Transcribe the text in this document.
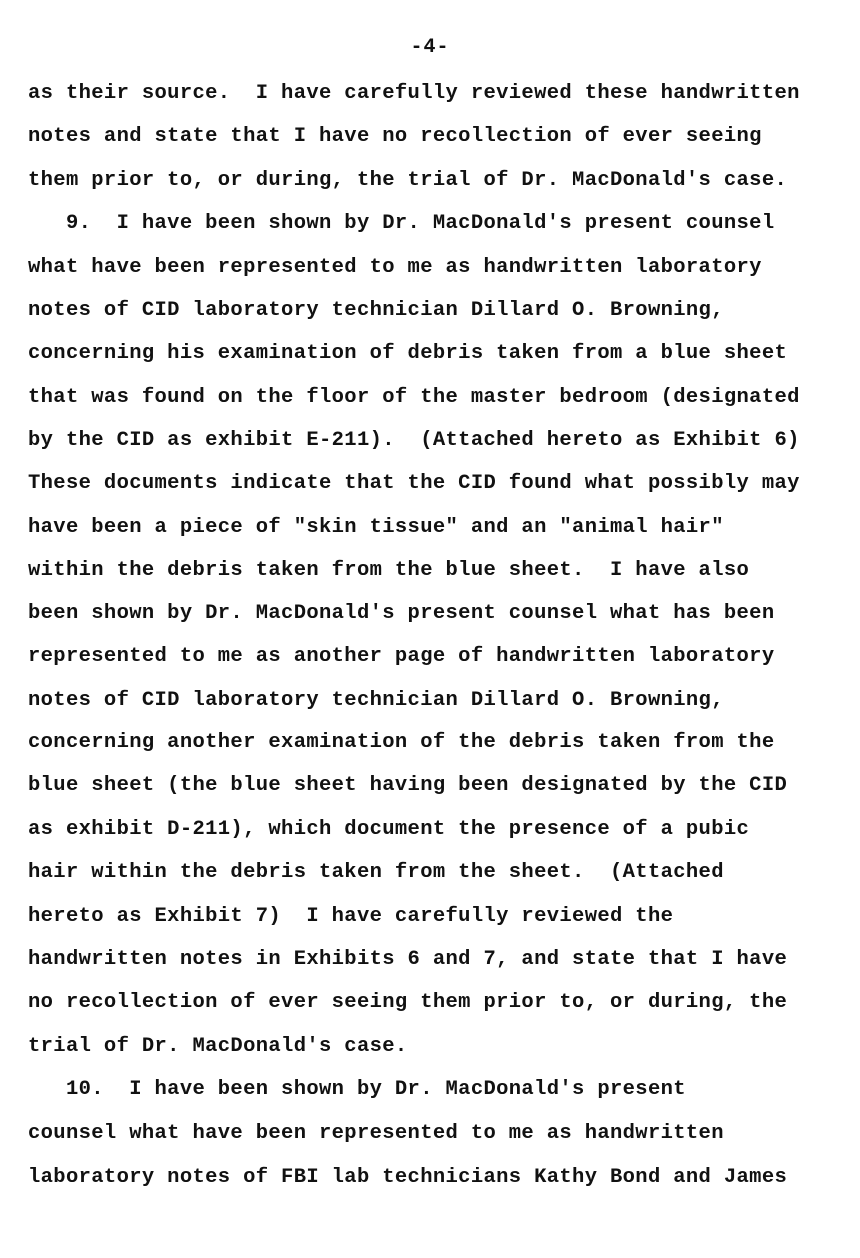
-4-
as their source.  I have carefully reviewed these handwritten
notes and state that I have no recollection of ever seeing
them prior to, or during, the trial of Dr. MacDonald's case.
9.  I have been shown by Dr. MacDonald's present counsel
what have been represented to me as handwritten laboratory
notes of CID laboratory technician Dillard O. Browning,
concerning his examination of debris taken from a blue sheet
that was found on the floor of the master bedroom (designated
by the CID as exhibit E-211).  (Attached hereto as Exhibit 6)
These documents indicate that the CID found what possibly may
have been a piece of "skin tissue" and an "animal hair"
within the debris taken from the blue sheet.  I have also
been shown by Dr. MacDonald's present counsel what has been
represented to me as another page of handwritten laboratory
notes of CID laboratory technician Dillard O. Browning,
concerning another examination of the debris taken from the
blue sheet (the blue sheet having been designated by the CID
as exhibit D-211), which document the presence of a pubic
hair within the debris taken from the sheet.  (Attached
hereto as Exhibit 7)  I have carefully reviewed the
handwritten notes in Exhibits 6 and 7, and state that I have
no recollection of ever seeing them prior to, or during, the
trial of Dr. MacDonald's case.
10.  I have been shown by Dr. MacDonald's present
counsel what have been represented to me as handwritten
laboratory notes of FBI lab technicians Kathy Bond and James
